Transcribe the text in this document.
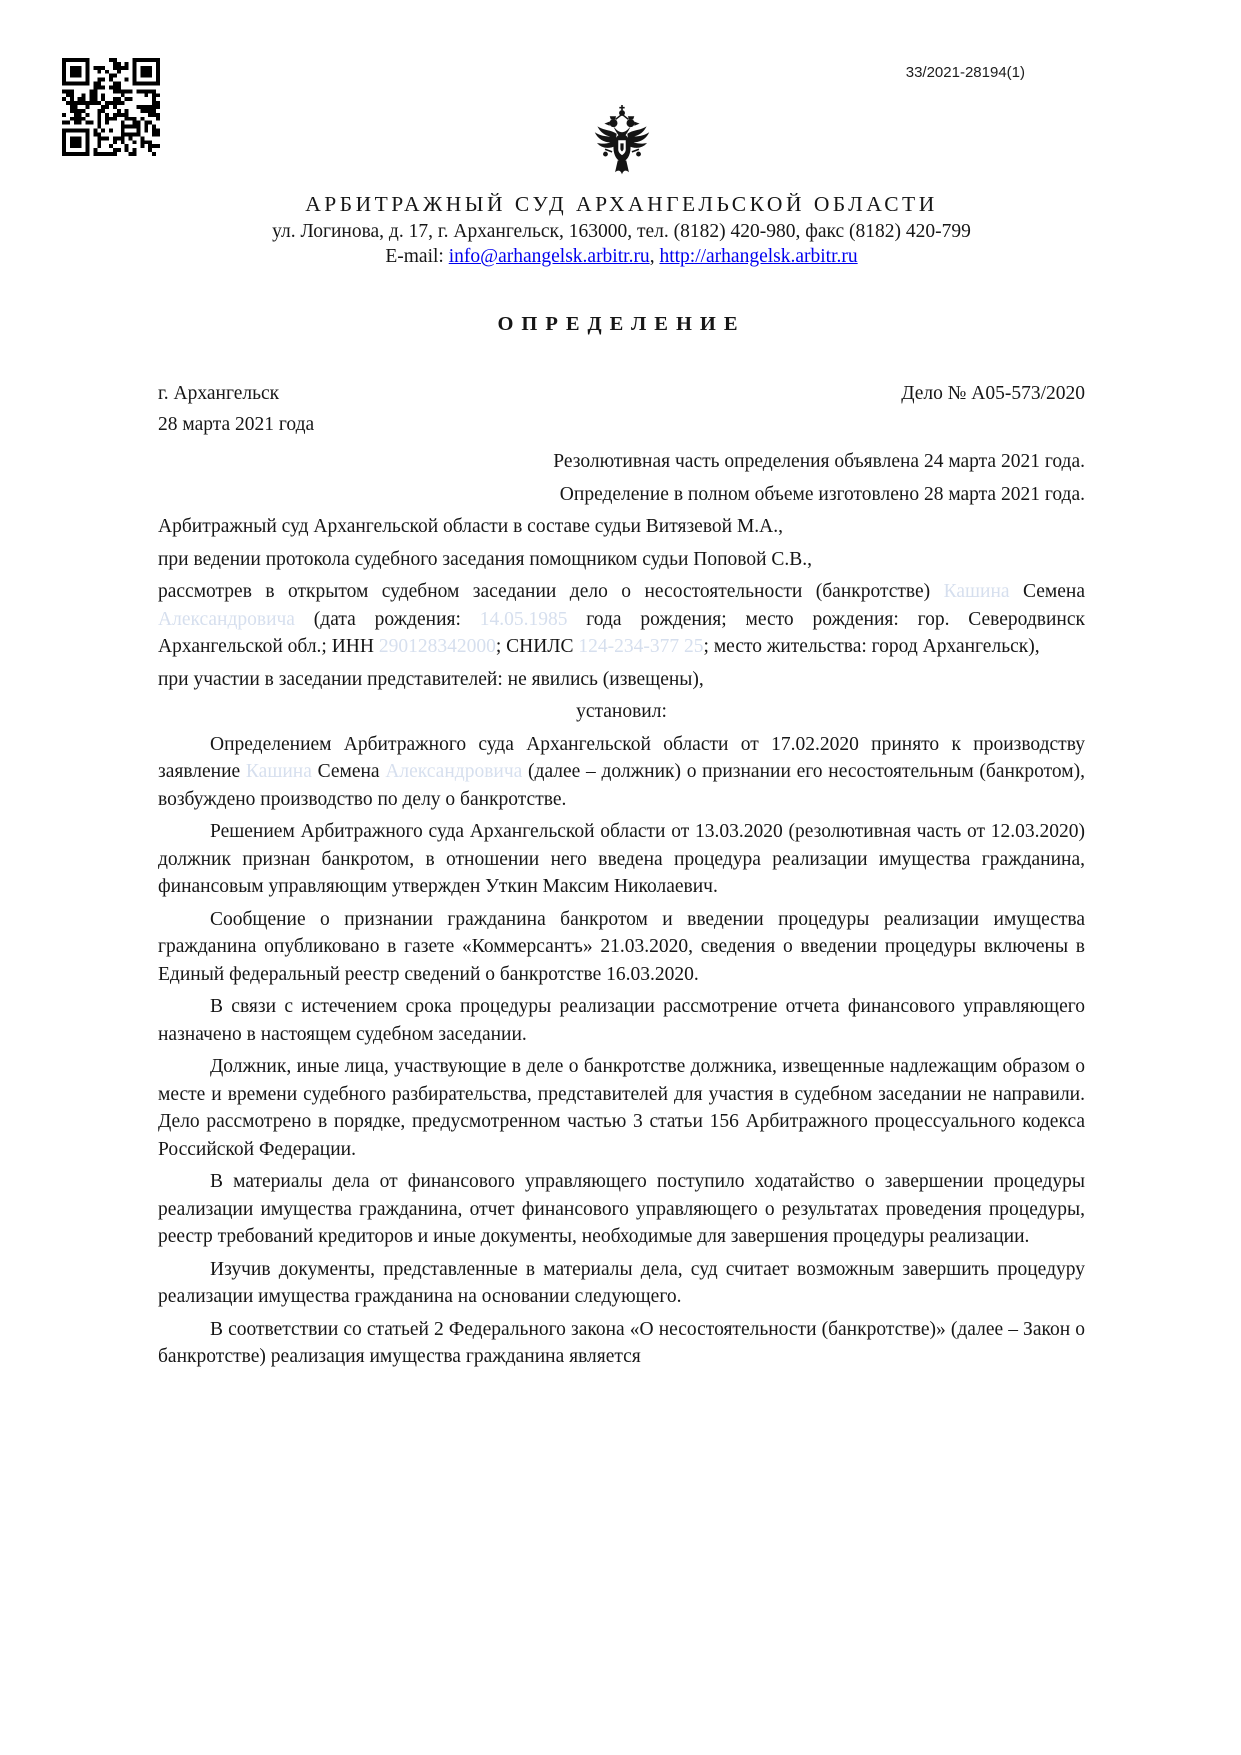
33/2021-28194(1)
АРБИТРАЖНЫЙ СУД АРХАНГЕЛЬСКОЙ ОБЛАСТИ
ул. Логинова, д. 17, г. Архангельск, 163000, тел. (8182) 420-980, факс (8182) 420-799
E-mail: info@arhangelsk.arbitr.ru, http://arhangelsk.arbitr.ru
ОПРЕДЕЛЕНИЕ
г. Архангельск	Дело № А05-573/2020
28 марта 2021 года

Резолютивная часть определения объявлена 24 марта 2021 года.

Определение в полном объеме изготовлено 28 марта 2021 года.

Арбитражный суд Архангельской области в составе судьи Витязевой М.А.,

при ведении протокола судебного заседания помощником судьи Поповой С.В.,

рассмотрев в открытом судебном заседании дело о несостоятельности (банкротстве) Кашина Семена Александровича (дата рождения: 14.05.1985 года рождения; место рождения: гор. Северодвинск Архангельской обл.; ИНН 290128342000; СНИЛС 124-234-377 25; место жительства: город Архангельск),

при участии в заседании представителей: не явились (извещены),

установил:

Определением Арбитражного суда Архангельской области от 17.02.2020 принято к производству заявление Кашина Семена Александровича (далее – должник) о признании его несостоятельным (банкротом), возбуждено производство по делу о банкротстве.

Решением Арбитражного суда Архангельской области от 13.03.2020 (резолютивная часть от 12.03.2020) должник признан банкротом, в отношении него введена процедура реализации имущества гражданина, финансовым управляющим утвержден Уткин Максим Николаевич.

Сообщение о признании гражданина банкротом и введении процедуры реализации имущества гражданина опубликовано в газете «Коммерсантъ» 21.03.2020, сведения о введении процедуры включены в Единый федеральный реестр сведений о банкротстве 16.03.2020.

В связи с истечением срока процедуры реализации рассмотрение отчета финансового управляющего назначено в настоящем судебном заседании.

Должник, иные лица, участвующие в деле о банкротстве должника, извещенные надлежащим образом о месте и времени судебного разбирательства, представителей для участия в судебном заседании не направили. Дело рассмотрено в порядке, предусмотренном частью 3 статьи 156 Арбитражного процессуального кодекса Российской Федерации.

В материалы дела от финансового управляющего поступило ходатайство о завершении процедуры реализации имущества гражданина, отчет финансового управляющего о результатах проведения процедуры, реестр требований кредиторов и иные документы, необходимые для завершения процедуры реализации.

Изучив документы, представленные в материалы дела, суд считает возможным завершить процедуру реализации имущества гражданина на основании следующего.

В соответствии со статьей 2 Федерального закона «О несостоятельности (банкротстве)» (далее – Закон о банкротстве) реализация имущества гражданина является
